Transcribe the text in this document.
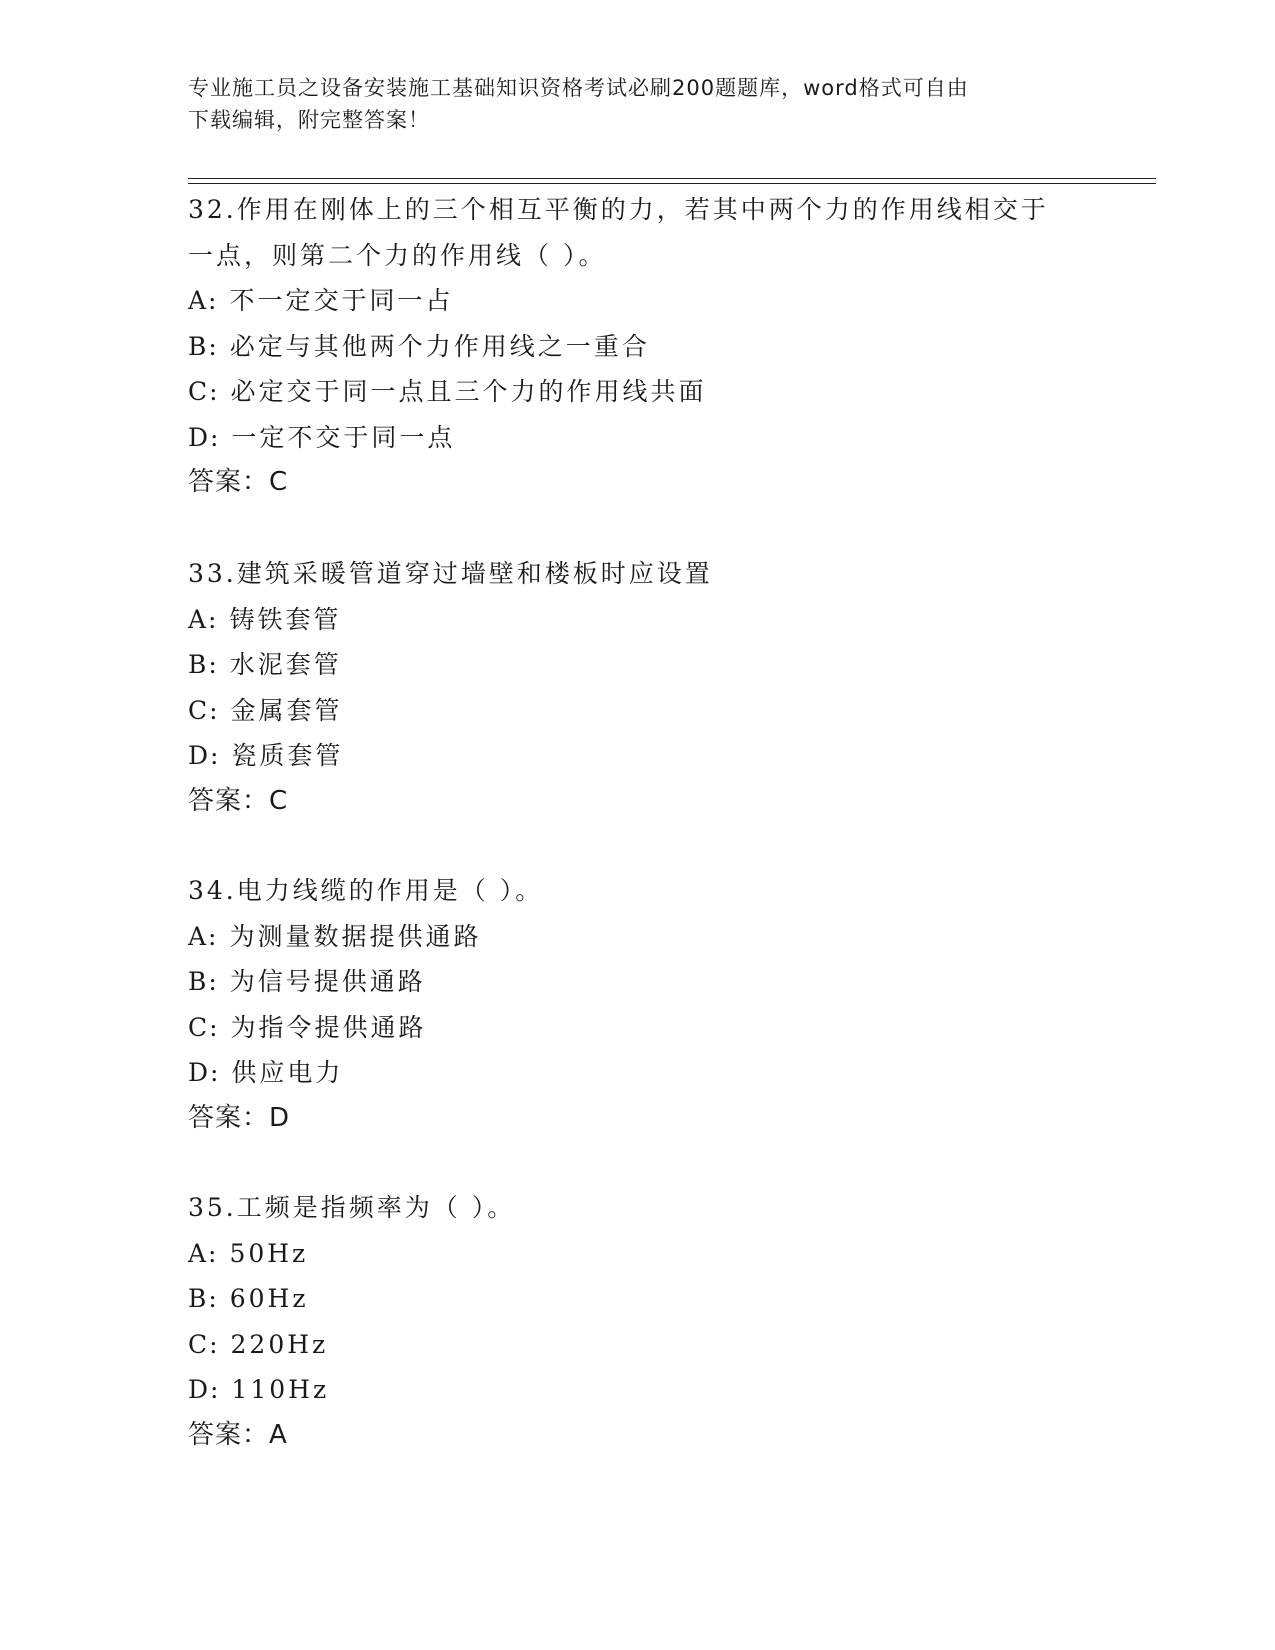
专业施工员之设备安装施工基础知识资格考试必刷200题题库，word格式可自由
下载编辑，附完整答案！
32.作用在刚体上的三个相互平衡的力，若其中两个力的作用线相交于
一点，则第二个力的作用线（ ）。
A: 不一定交于同一占
B: 必定与其他两个力作用线之一重合
C: 必定交于同一点且三个力的作用线共面
D: 一定不交于同一点
答案：C
33.建筑采暖管道穿过墙壁和楼板时应设置
A: 铸铁套管
B: 水泥套管
C: 金属套管
D: 瓷质套管
答案：C
34.电力线缆的作用是（ ）。
A: 为测量数据提供通路
B: 为信号提供通路
C: 为指令提供通路
D: 供应电力
答案：D
35.工频是指频率为（ ）。
A: 50Hz
B: 60Hz
C: 220Hz
D: 110Hz
答案：A
